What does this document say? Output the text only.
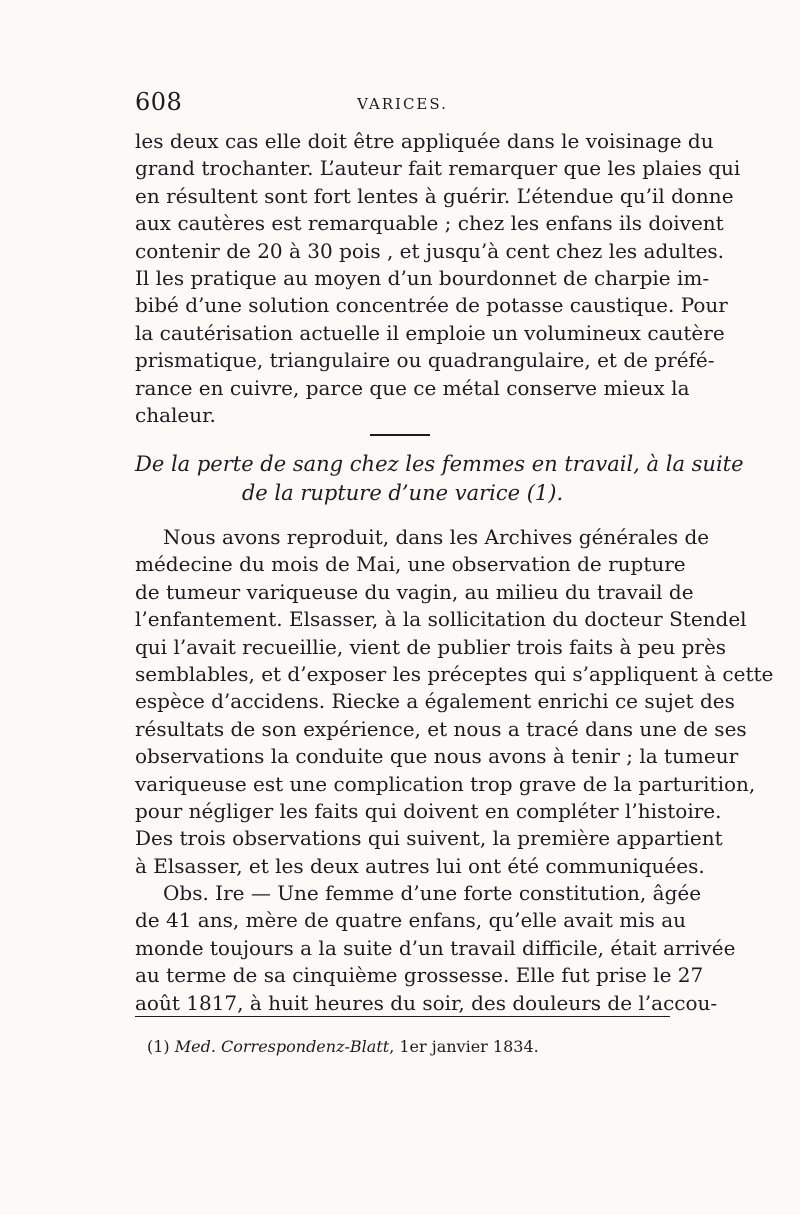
608	VARICES.
les deux cas elle doit être appliquée dans le voisinage du
grand trochanter. L’auteur fait remarquer que les plaies qui
en résultent sont fort lentes à guérir. L’étendue qu’il donne
aux cautères est remarquable ; chez les enfans ils doivent
contenir de 20 à 30 pois , et jusqu’à cent chez les adultes.
Il les pratique au moyen d’un bourdonnet de charpie im-
bibé d’une solution concentrée de potasse caustique. Pour
la cautérisation actuelle il emploie un volumineux cautère
prismatique, triangulaire ou quadrangulaire, et de préfé-
rance en cuivre, parce que ce métal conserve mieux la
chaleur.
De la perte de sang chez les femmes en travail, à la suite
de la rupture d’une varice (1).
Nous avons reproduit, dans les Archives générales de
médecine du mois de Mai, une observation de rupture
de tumeur variqueuse du vagin, au milieu du travail de
l’enfantement. Elsasser, à la sollicitation du docteur Stendel
qui l’avait recueillie, vient de publier trois faits à peu près
semblables, et d’exposer les préceptes qui s’appliquent à cette
espèce d’accidens. Riecke a également enrichi ce sujet des
résultats de son expérience, et nous a tracé dans une de ses
observations la conduite que nous avons à tenir ; la tumeur
variqueuse est une complication trop grave de la parturition,
pour négliger les faits qui doivent en compléter l’histoire.
Des trois observations qui suivent, la première appartient
à Elsasser, et les deux autres lui ont été communiquées.
Obs. Ire — Une femme d’une forte constitution, âgée
de 41 ans, mère de quatre enfans, qu’elle avait mis au
monde toujours a la suite d’un travail difficile, était arrivée
au terme de sa cinquième grossesse. Elle fut prise le 27
août 1817, à huit heures du soir, des douleurs de l’accou-
(1) Med. Correspondenz-Blatt, 1er janvier 1834.
